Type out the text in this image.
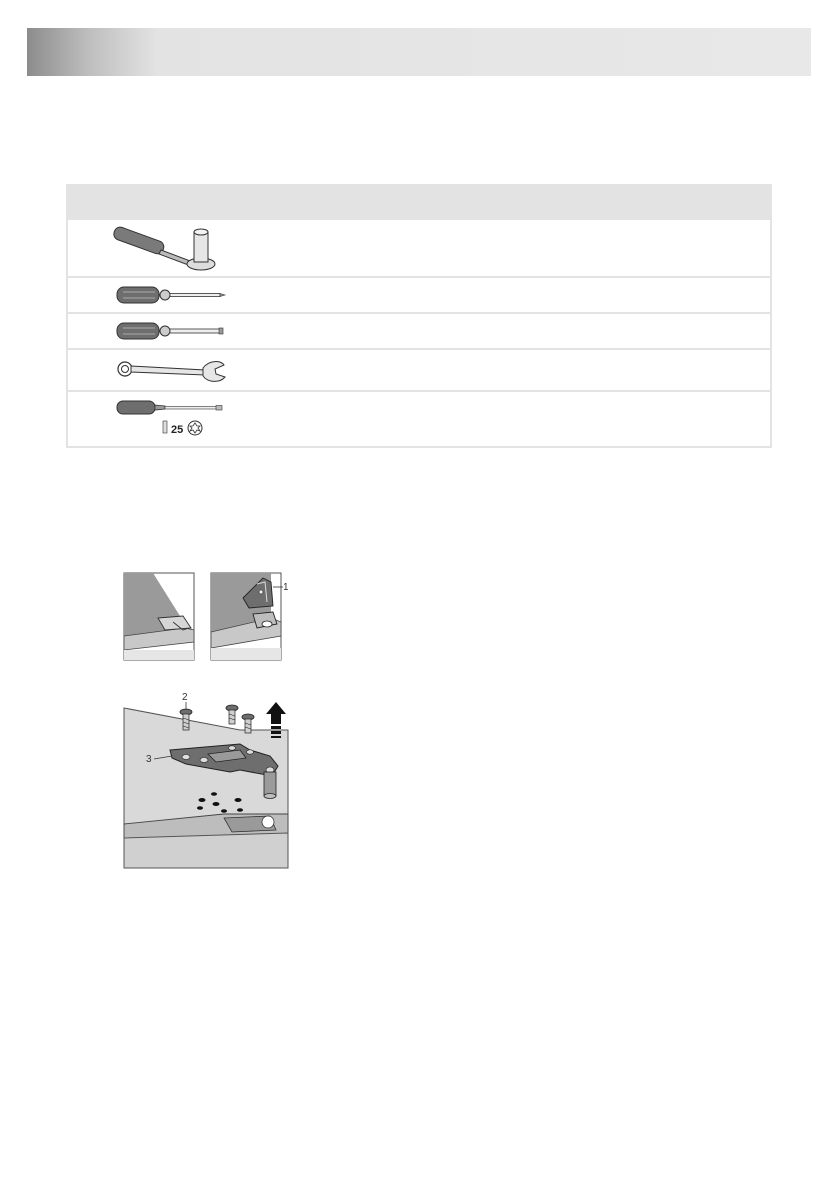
25
1
2
3
